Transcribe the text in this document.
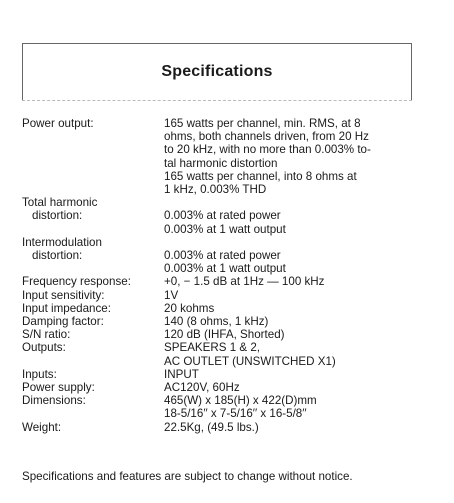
Specifications
Power output:	165 watts per channel, min. RMS, at 8
ohms, both channels driven, from 20 Hz
to 20 kHz, with no more than 0.003% to-
tal harmonic distortion
165 watts per channel, into 8 ohms at
1 kHz, 0.003% THD
Total harmonic
distortion:

	0.003% at rated power
0.003% at 1 watt output
Intermodulation
distortion:

	0.003% at rated power
0.003% at 1 watt output
Frequency response:	+0, − 1.5 dB at 1Hz — 100 kHz
Input sensitivity:	1V
Input impedance:	20 kohms
Damping factor:	140 (8 ohms, 1 kHz)
S/N ratio:	120 dB (IHFA, Shorted)
Outputs:	SPEAKERS 1 & 2,
AC OUTLET (UNSWITCHED X1)
Inputs:	INPUT
Power supply:	AC120V, 60Hz
Dimensions:	465(W) x 185(H) x 422(D)mm
18-5/16′′ x 7-5/16′′ x 16-5/8′′
Weight:	22.5Kg, (49.5 lbs.)
Specifications and features are subject to change without notice.
